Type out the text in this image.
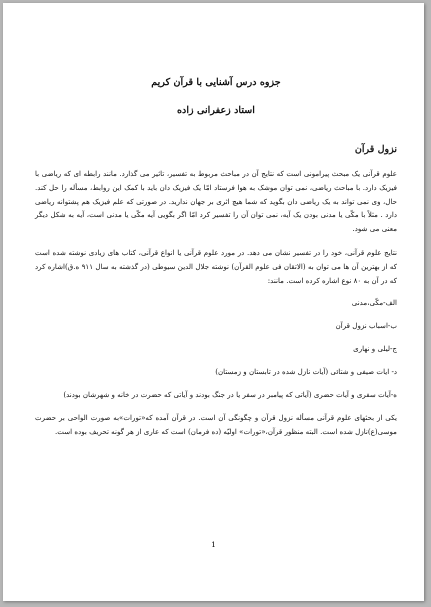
جزوه درس آشنایی با قرآن کریم
استاد زعفرانی زاده
نزول قرآن

علوم قرآنی یک مبحث پیرامونی است که نتایج آن در مباحث مربوط به تفسیر، تاثیر می گذارد. مانند رابطه ای که ریاضی با فیزیک دارد. با مباحث ریاضی، نمی توان موشک به هوا فرستاد امّا یک فیزیک دان باید با کمک این روابط، مسأله را حل کند. حال، وی نمی تواند به یک ریاضی دان بگوید که شما هیچ اثری بر جهان ندارید. در صورتی که علم فیزیک هم پشتوانه ریاضی دارد . مثلاً با مکّی یا مدنی بودن یک آیه، نمی توان آن را تفسیر کرد امّا اگر بگویی آیه مکّی یا مدنی است، آیه به شکل دیگر معنی می شود.

نتایج علوم قرآنی، خود را در تفسیر نشان می دهد. در مورد علوم قرآنی یا انواع قرآنی، کتاب های زیادی نوشته شده است که از بهترین آن ها می توان به (الاتقان فی علوم القرآن) نوشته جلال الدین سیوطی (در گذشته به سال ۹۱۱ ه.ق)اشاره کرد که در آن به ۸۰ نوع اشاره کرده است. مانند:

الف-مکّی،مدنی
ب-اسباب نزول قرآن
ج-لیلی و نهاری
د- ایات صیفی و شتائی (آیات نازل شده در تابستان و زمستان)
ه-آیات سفری و آیات حضری (آیاتی که پیامبر در سفر یا در جنگ بودند و آیاتی که حضرت در خانه و شهرشان بودند)

یکی از بحثهای علوم قرآنی مسأله نزول قرآن و چگونگی آن است. در قرآن آمده که«تورات»به صورت الواحی بر حضرت موسی(ع)نازل شده است. البته منظور قرآن،«تورات» اولیّه (ده فرمان) است که عاری از هر گونه تحریف بوده است.

1
